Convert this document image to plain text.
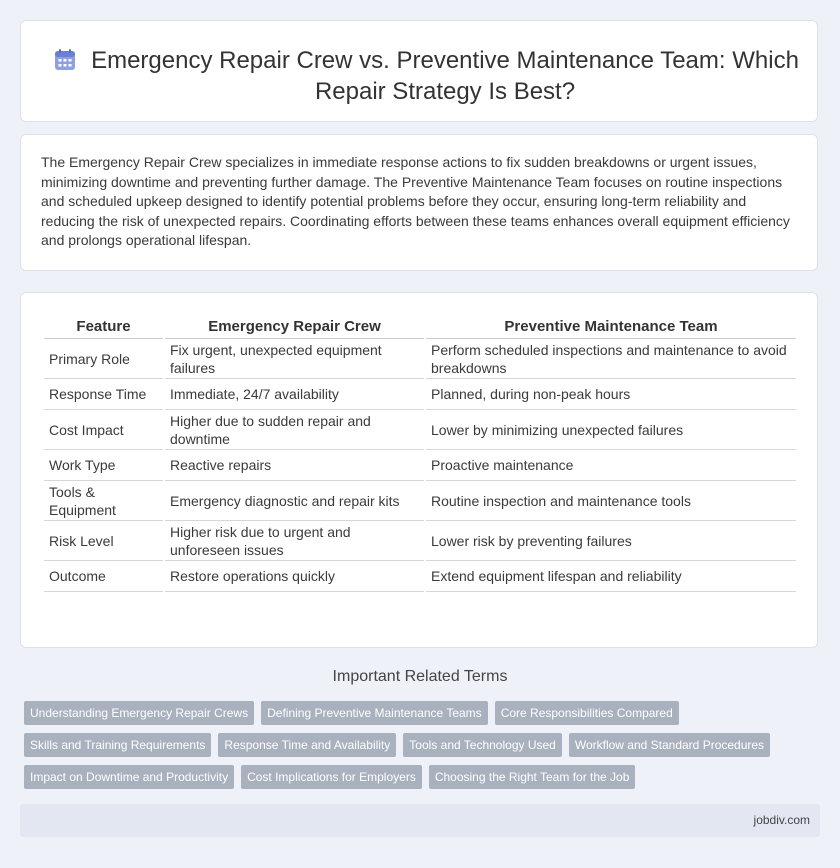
Emergency Repair Crew vs. Preventive Maintenance Team: Which Repair Strategy Is Best?

The Emergency Repair Crew specializes in immediate response actions to fix sudden breakdowns or urgent issues, minimizing downtime and preventing further damage. The Preventive Maintenance Team focuses on routine inspections and scheduled upkeep designed to identify potential problems before they occur, ensuring long-term reliability and reducing the risk of unexpected repairs. Coordinating efforts between these teams enhances overall equipment efficiency and prolongs operational lifespan.

Feature	Emergency Repair Crew	Preventive Maintenance Team
Primary Role	Fix urgent, unexpected equipment failures	Perform scheduled inspections and maintenance to avoid breakdowns
Response Time	Immediate, 24/7 availability	Planned, during non-peak hours
Cost Impact	Higher due to sudden repair and downtime	Lower by minimizing unexpected failures
Work Type	Reactive repairs	Proactive maintenance
Tools & Equipment	Emergency diagnostic and repair kits	Routine inspection and maintenance tools
Risk Level	Higher risk due to urgent and unforeseen issues	Lower risk by preventing failures
Outcome	Restore operations quickly	Extend equipment lifespan and reliability
Important Related Terms
Understanding Emergency Repair Crews	Defining Preventive Maintenance Teams	Core Responsibilities Compared
Skills and Training Requirements	Response Time and Availability	Tools and Technology Used	Workflow and Standard Procedures
Impact on Downtime and Productivity	Cost Implications for Employers	Choosing the Right Team for the Job
jobdiv.com
